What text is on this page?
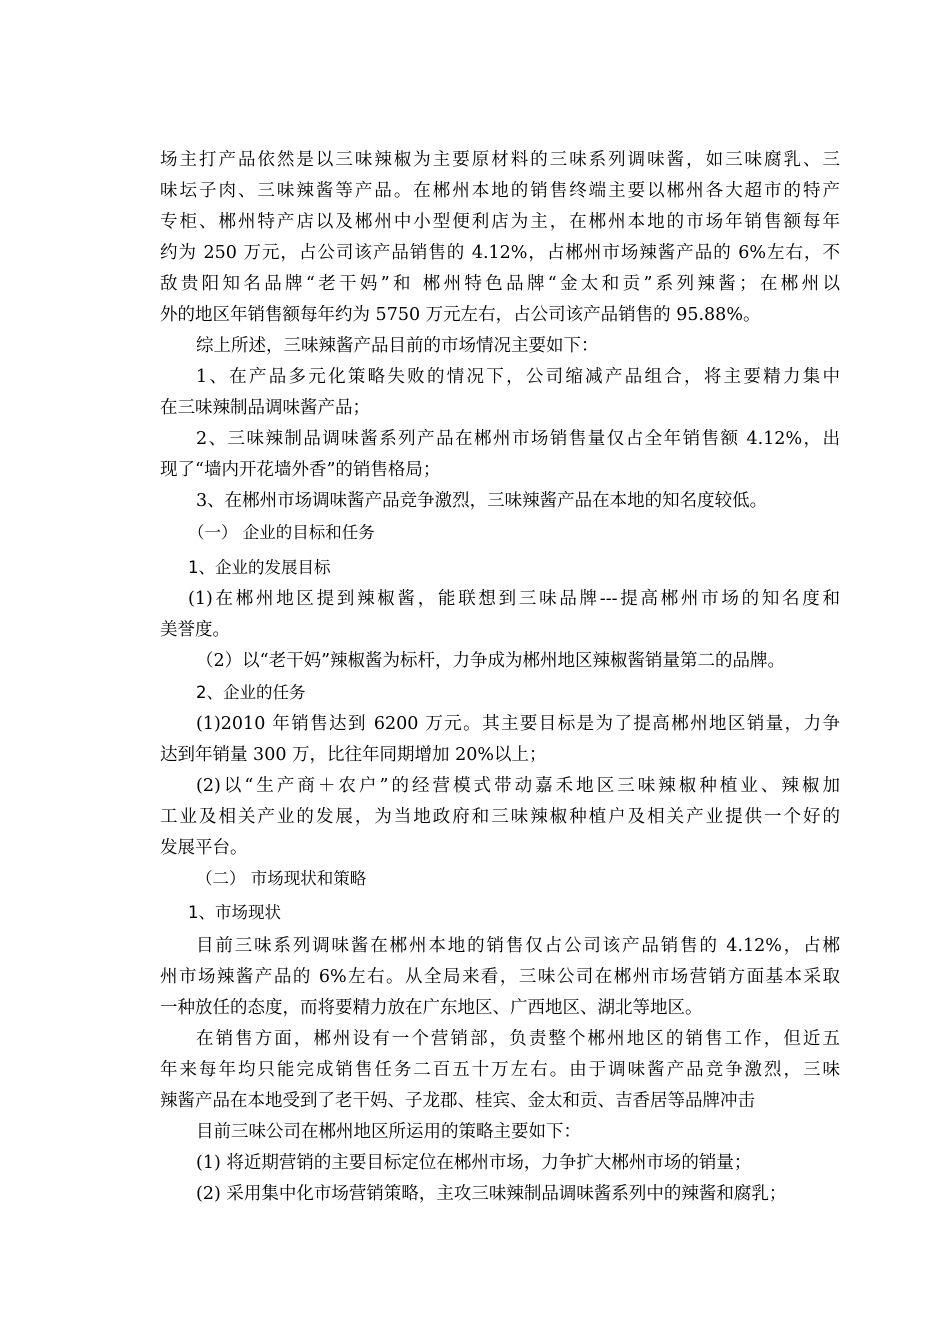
场主打产品依然是以三味辣椒为主要原材料的三味系列调味酱，如三味腐乳、三
味坛子肉、三味辣酱等产品。在郴州本地的销售终端主要以郴州各大超市的特产
专柜、郴州特产店以及郴州中小型便利店为主，在郴州本地的市场年销售额每年
约为 250 万元，占公司该产品销售的 4.12%，占郴州市场辣酱产品的 6%左右，不
敌贵阳知名品牌“老干妈”和 郴州特色品牌“金太和贡”系列辣酱；在郴州以
外的地区年销售额每年约为 5750 万元左右，占公司该产品销售的 95.88%。
综上所述，三味辣酱产品目前的市场情况主要如下：
1、在产品多元化策略失败的情况下，公司缩减产品组合，将主要精力集中
在三味辣制品调味酱产品；
2、三味辣制品调味酱系列产品在郴州市场销售量仅占全年销售额 4.12%，出
现了“墙内开花墙外香”的销售格局；
3、在郴州市场调味酱产品竞争激烈，三味辣酱产品在本地的知名度较低。
（一） 企业的目标和任务
1、企业的发展目标
(1)在郴州地区提到辣椒酱，能联想到三味品牌---提高郴州市场的知名度和
美誉度。
（2）以“老干妈”辣椒酱为标杆，力争成为郴州地区辣椒酱销量第二的品牌。
2、企业的任务
(1)2010 年销售达到 6200 万元。其主要目标是为了提高郴州地区销量，力争
达到年销量 300 万，比往年同期增加 20%以上；
(2)以“生产商＋农户”的经营模式带动嘉禾地区三味辣椒种植业、辣椒加
工业及相关产业的发展，为当地政府和三味辣椒种植户及相关产业提供一个好的
发展平台。
（二） 市场现状和策略
1、市场现状
目前三味系列调味酱在郴州本地的销售仅占公司该产品销售的 4.12%，占郴
州市场辣酱产品的 6%左右。从全局来看，三味公司在郴州市场营销方面基本采取
一种放任的态度，而将要精力放在广东地区、广西地区、湖北等地区。
在销售方面，郴州设有一个营销部，负责整个郴州地区的销售工作，但近五
年来每年均只能完成销售任务二百五十万左右。由于调味酱产品竞争激烈，三味
辣酱产品在本地受到了老干妈、子龙郡、桂宾、金太和贡、吉香居等品牌冲击
目前三味公司在郴州地区所运用的策略主要如下：
(1) 将近期营销的主要目标定位在郴州市场，力争扩大郴州市场的销量；
(2) 采用集中化市场营销策略，主攻三味辣制品调味酱系列中的辣酱和腐乳；
